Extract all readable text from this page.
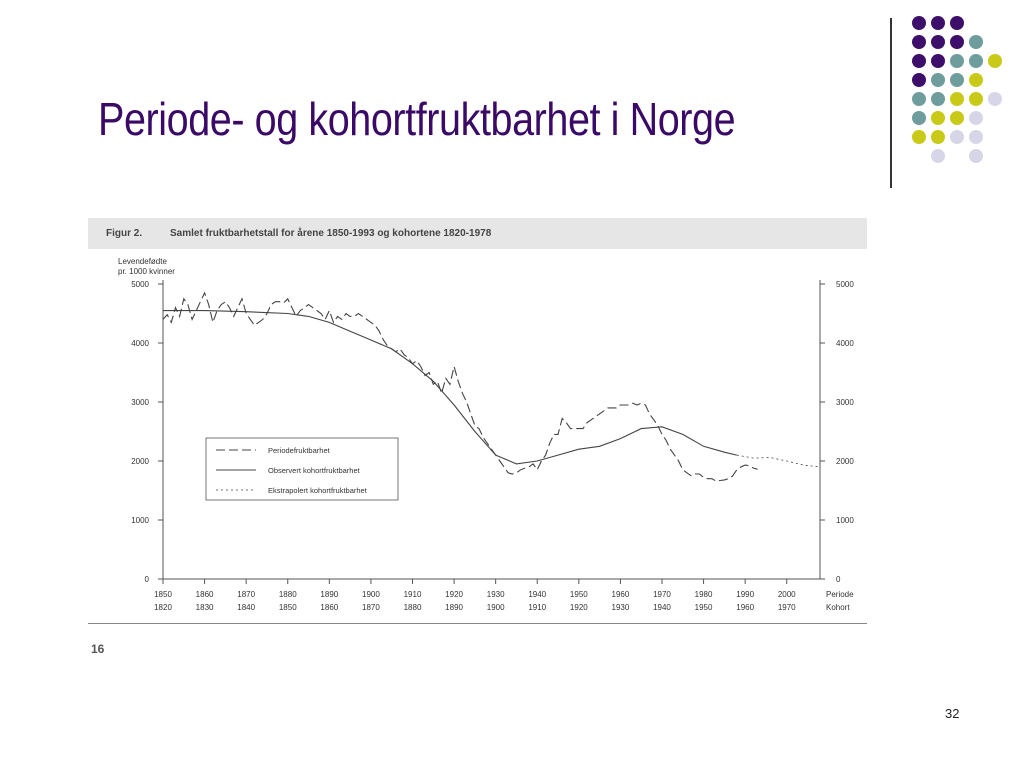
Periode- og kohortfruktbarhet i Norge
Figur 2.	Samlet fruktbarhetstall for årene 1850-1993 og kohortene 1820-1978
Levendefødte
pr. 1000 kvinner
0	0
1000	1000
2000	2000
3000	3000
4000	4000
5000	5000
1850
1820
1860
1830
1870
1840
1880
1850
1890
1860
1900
1870
1910
1880
1920
1890
1930
1900
1940
1910
1950
1920
1960
1930
1970
1940
1980
1950
1990
1960
2000
1970
Periode
Kohort
Periodefruktbarhet
Observert kohortfruktbarhet
Ekstrapolert kohortfruktbarhet
16
32
